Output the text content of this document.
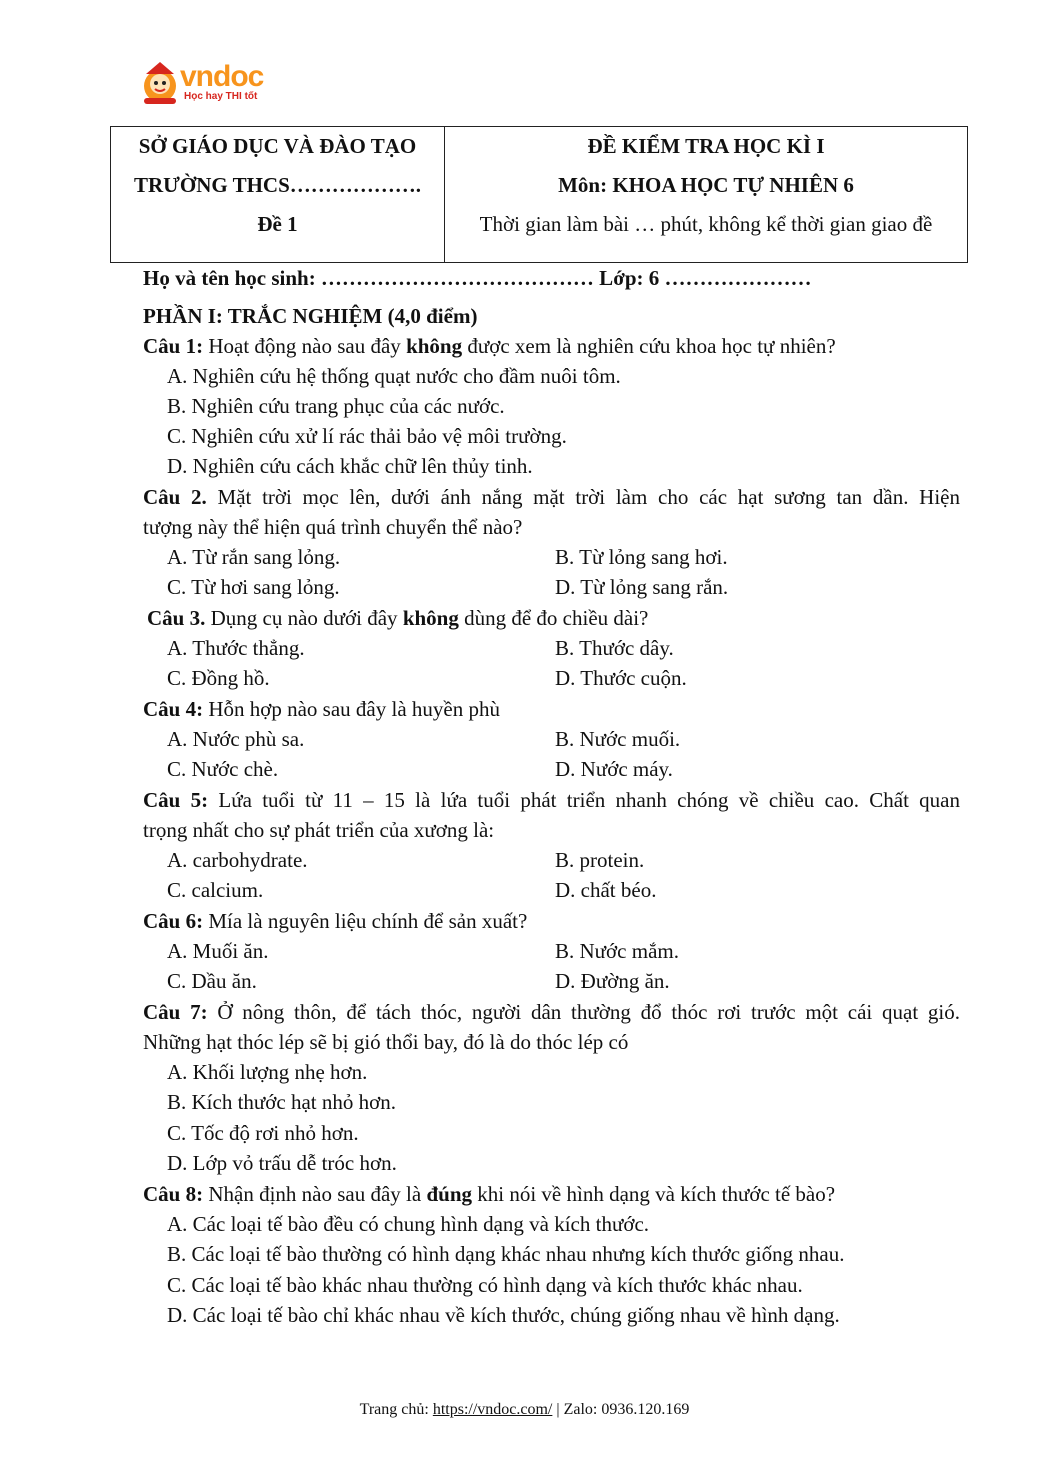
vndoc
Học hay THI tốt
SỞ GIÁO DỤC VÀ ĐÀO TẠO
TRƯỜNG THCS……………….
Đề 1
ĐỀ KIỂM TRA HỌC KÌ I
Môn: KHOA HỌC TỰ NHIÊN 6
Thời gian làm bài … phút, không kể thời gian giao đề
Họ và tên học sinh: ………………………………… Lớp: 6 …………………
PHẦN I: TRẮC NGHIỆM (4,0 điểm)
Câu 1: Hoạt động nào sau đây không được xem là nghiên cứu khoa học tự nhiên?
A. Nghiên cứu hệ thống quạt nước cho đầm nuôi tôm.
B. Nghiên cứu trang phục của các nước.
C. Nghiên cứu xử lí rác thải bảo vệ môi trường.
D. Nghiên cứu cách khắc chữ lên thủy tinh.
Câu 2. Mặt trời mọc lên, dưới ánh nắng mặt trời làm cho các hạt sương tan dần. Hiện
tượng này thể hiện quá trình chuyển thể nào?
A. Từ rắn sang lỏng.	B. Từ lỏng sang hơi.
C. Từ hơi sang lỏng.	D. Từ lỏng sang rắn.
Câu 3. Dụng cụ nào dưới đây không dùng để đo chiều dài?
A. Thước thẳng.	B. Thước dây.
C. Đồng hồ.	D. Thước cuộn.
Câu 4: Hỗn hợp nào sau đây là huyền phù
A. Nước phù sa.	B. Nước muối.
C. Nước chè.	D. Nước máy.
Câu 5: Lứa tuổi từ 11 – 15 là lứa tuổi phát triển nhanh chóng về chiều cao. Chất quan
trọng nhất cho sự phát triển của xương là:
A. carbohydrate.	B. protein.
C. calcium.	D. chất béo.
Câu 6: Mía là nguyên liệu chính để sản xuất?
A. Muối ăn.	B. Nước mắm.
C. Dầu ăn.	D. Đường ăn.
Câu 7: Ở nông thôn, để tách thóc, người dân thường đổ thóc rơi trước một cái quạt gió.
Những hạt thóc lép sẽ bị gió thổi bay, đó là do thóc lép có
A. Khối lượng nhẹ hơn.
B. Kích thước hạt nhỏ hơn.
C. Tốc độ rơi nhỏ hơn.
D. Lớp vỏ trấu dễ tróc hơn.
Câu 8: Nhận định nào sau đây là đúng khi nói về hình dạng và kích thước tế bào?
A. Các loại tế bào đều có chung hình dạng và kích thước.
B. Các loại tế bào thường có hình dạng khác nhau nhưng kích thước giống nhau.
C. Các loại tế bào khác nhau thường có hình dạng và kích thước khác nhau.
D. Các loại tế bào chỉ khác nhau về kích thước, chúng giống nhau về hình dạng.
Trang chủ: https://vndoc.com/ | Zalo: 0936.120.169
